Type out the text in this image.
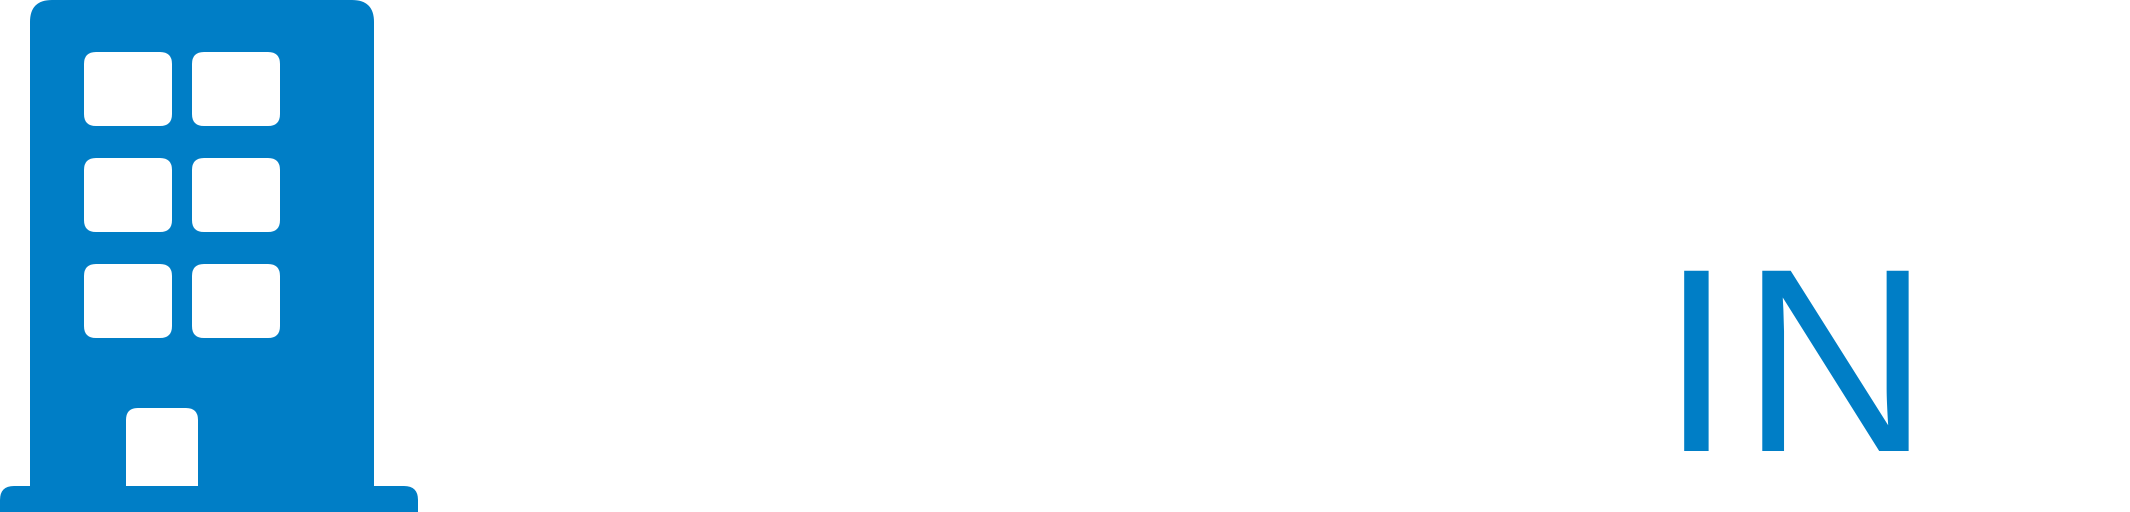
IN
